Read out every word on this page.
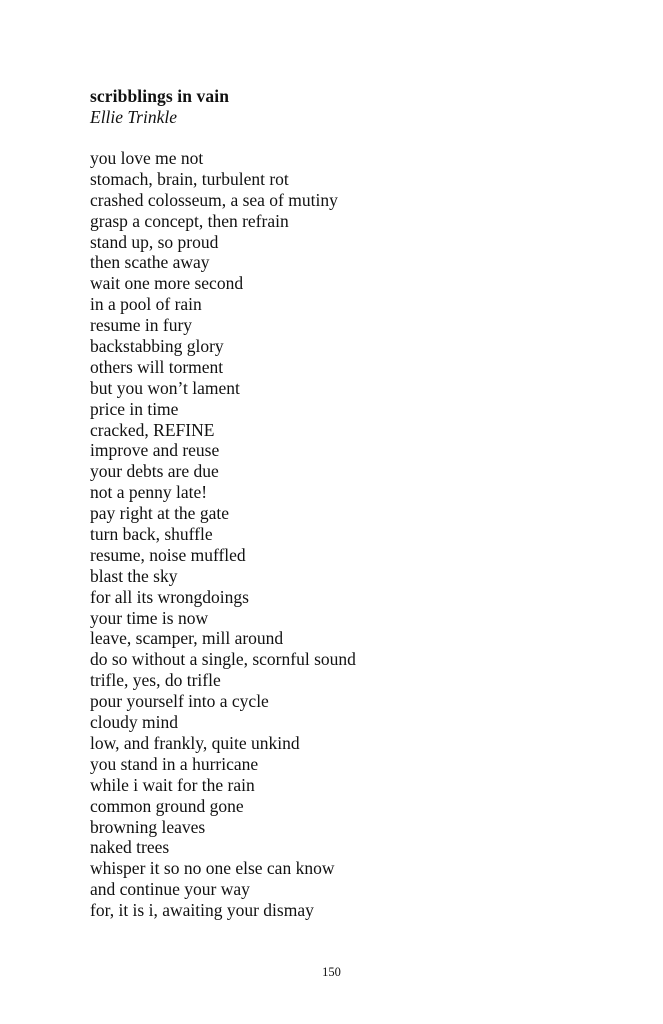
scribblings in vain
Ellie Trinkle
you love me not
stomach, brain, turbulent rot
crashed colosseum, a sea of mutiny
grasp a concept, then refrain
stand up, so proud
then scathe away
wait one more second
in a pool of rain
resume in fury
backstabbing glory
others will torment
but you won’t lament
price in time
cracked, REFINE
improve and reuse
your debts are due
not a penny late!
pay right at the gate
turn back, shuffle
resume, noise muffled
blast the sky
for all its wrongdoings
your time is now
leave, scamper, mill around
do so without a single, scornful sound
trifle, yes, do trifle
pour yourself into a cycle
cloudy mind
low, and frankly, quite unkind
you stand in a hurricane
while i wait for the rain
common ground gone
browning leaves
naked trees
whisper it so no one else can know
and continue your way
for, it is i, awaiting your dismay
150
